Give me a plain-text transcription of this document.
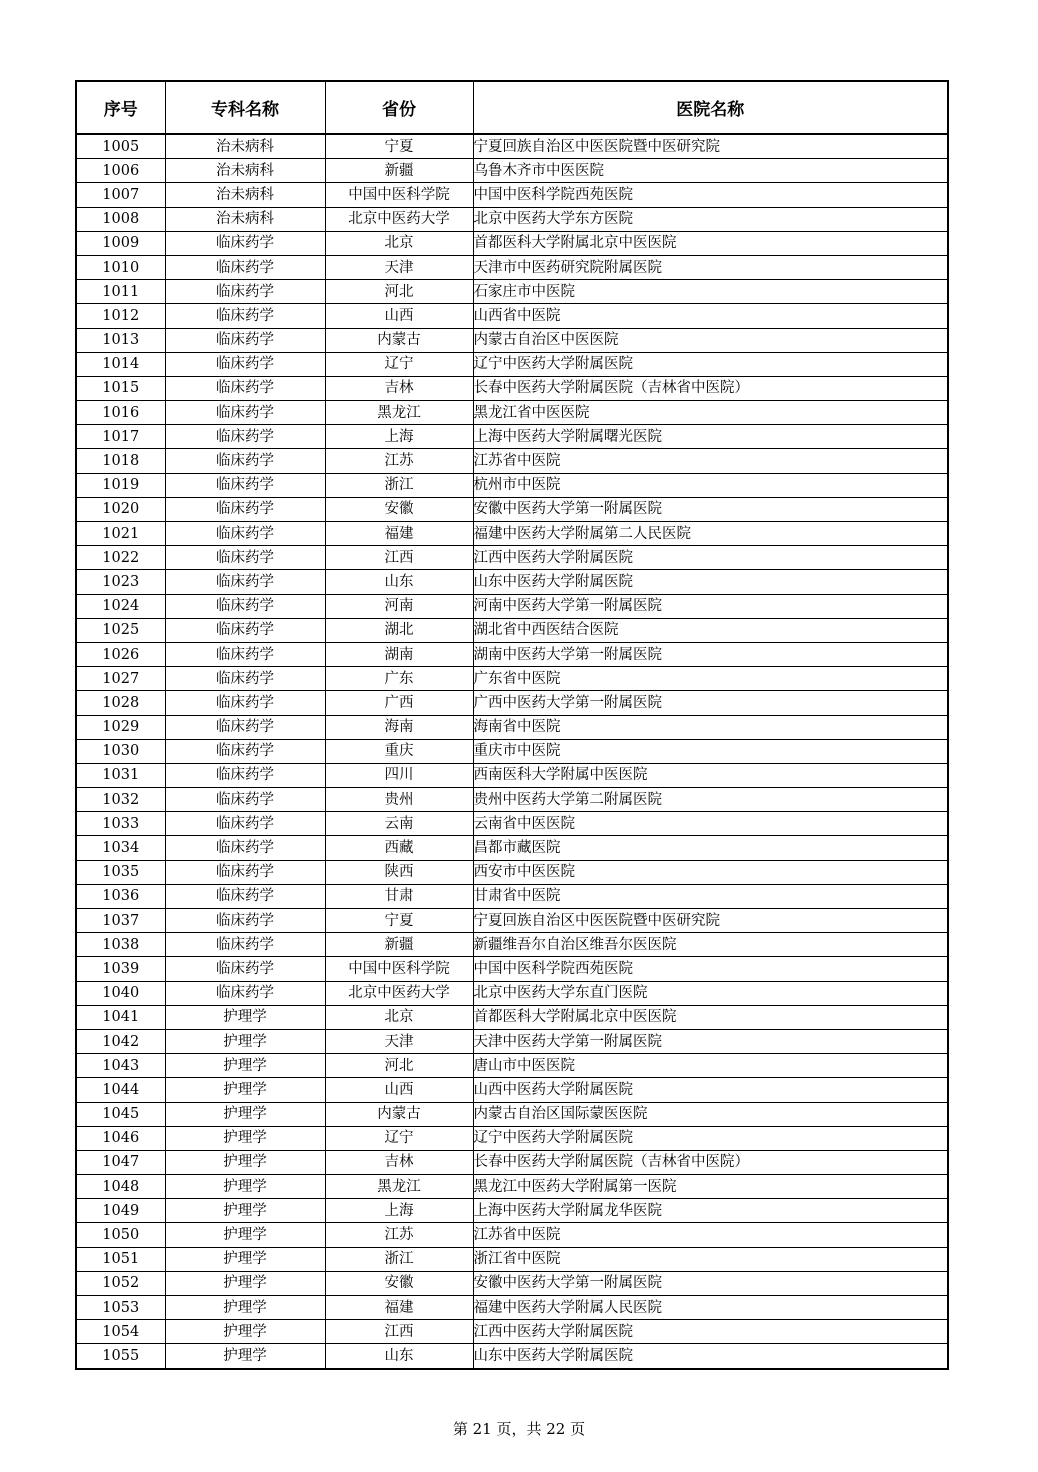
序号	专科名称	省份	医院名称
1005	治未病科	宁夏	宁夏回族自治区中医医院暨中医研究院
1006	治未病科	新疆	乌鲁木齐市中医医院
1007	治未病科	中国中医科学院	中国中医科学院西苑医院
1008	治未病科	北京中医药大学	北京中医药大学东方医院
1009	临床药学	北京	首都医科大学附属北京中医医院
1010	临床药学	天津	天津市中医药研究院附属医院
1011	临床药学	河北	石家庄市中医院
1012	临床药学	山西	山西省中医院
1013	临床药学	内蒙古	内蒙古自治区中医医院
1014	临床药学	辽宁	辽宁中医药大学附属医院
1015	临床药学	吉林	长春中医药大学附属医院（吉林省中医院）
1016	临床药学	黑龙江	黑龙江省中医医院
1017	临床药学	上海	上海中医药大学附属曙光医院
1018	临床药学	江苏	江苏省中医院
1019	临床药学	浙江	杭州市中医院
1020	临床药学	安徽	安徽中医药大学第一附属医院
1021	临床药学	福建	福建中医药大学附属第二人民医院
1022	临床药学	江西	江西中医药大学附属医院
1023	临床药学	山东	山东中医药大学附属医院
1024	临床药学	河南	河南中医药大学第一附属医院
1025	临床药学	湖北	湖北省中西医结合医院
1026	临床药学	湖南	湖南中医药大学第一附属医院
1027	临床药学	广东	广东省中医院
1028	临床药学	广西	广西中医药大学第一附属医院
1029	临床药学	海南	海南省中医院
1030	临床药学	重庆	重庆市中医院
1031	临床药学	四川	西南医科大学附属中医医院
1032	临床药学	贵州	贵州中医药大学第二附属医院
1033	临床药学	云南	云南省中医医院
1034	临床药学	西藏	昌都市藏医院
1035	临床药学	陕西	西安市中医医院
1036	临床药学	甘肃	甘肃省中医院
1037	临床药学	宁夏	宁夏回族自治区中医医院暨中医研究院
1038	临床药学	新疆	新疆维吾尔自治区维吾尔医医院
1039	临床药学	中国中医科学院	中国中医科学院西苑医院
1040	临床药学	北京中医药大学	北京中医药大学东直门医院
1041	护理学	北京	首都医科大学附属北京中医医院
1042	护理学	天津	天津中医药大学第一附属医院
1043	护理学	河北	唐山市中医医院
1044	护理学	山西	山西中医药大学附属医院
1045	护理学	内蒙古	内蒙古自治区国际蒙医医院
1046	护理学	辽宁	辽宁中医药大学附属医院
1047	护理学	吉林	长春中医药大学附属医院（吉林省中医院）
1048	护理学	黑龙江	黑龙江中医药大学附属第一医院
1049	护理学	上海	上海中医药大学附属龙华医院
1050	护理学	江苏	江苏省中医院
1051	护理学	浙江	浙江省中医院
1052	护理学	安徽	安徽中医药大学第一附属医院
1053	护理学	福建	福建中医药大学附属人民医院
1054	护理学	江西	江西中医药大学附属医院
1055	护理学	山东	山东中医药大学附属医院
第 21 页，共 22 页
